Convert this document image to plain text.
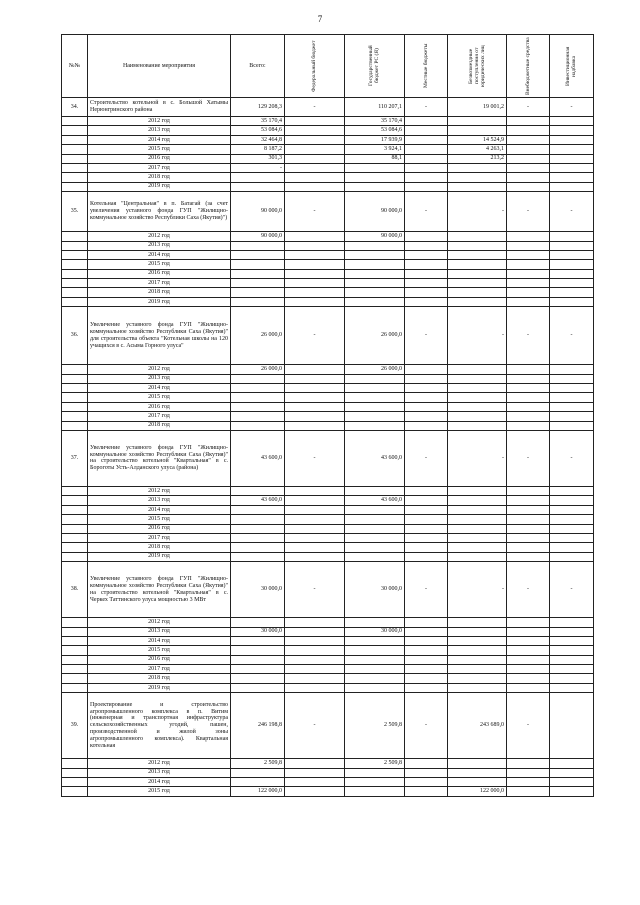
7
№№	Наименование мероприятия	Всего:	Федеральный бюджет	Государственный бюджет РС (Я)	Местные бюджеты	Безвозмездные поступления от юридических лиц	Внебюджетные средства	Инвестиционная надбавка

34.	Строительство котельной в с. Большой Хатымы Нерюнгринского района	129 208,3	-	110 207,1	-	19 001,2	-	-
	2012 год	35 170,4		35 170,4				
	2013 год	53 084,6		53 084,6				
	2014 год	32 464,8		17 939,9		14 524,9		
	2015 год	8 187,2		3 924,1		4 263,1		
	2016 год	301,3		88,1		213,2		
	2017 год	-						
	2018 год							
	2019 год							
35.	Котельная "Центральная" в п. Батагай (за счет увеличения уставного фонда ГУП "Жилищно-коммунальное хозяйство Республики Саха (Якутия)")	90 000,0	-	90 000,0	-	-	-	-
	2012 год	90 000,0		90 000,0				
	2013 год							
	2014 год							
	2015 год							
	2016 год							
	2017 год							
	2018 год							
	2019 год							
36.	Увеличение уставного фонда ГУП "Жилищно-коммунальное хозяйство Республики Саха (Якутия)" для строительства объекта "Котельная школы на 120 учащихся в с. Асыма Горного улуса"	26 000,0	-	26 000,0	-	-	-	-
	2012 год	26 000,0		26 000,0				
	2013 год							
	2014 год							
	2015 год							
	2016 год							
	2017 год							
	2018 год							
37.	Увеличение уставного фонда ГУП "Жилищно-коммунальное хозяйство Республики Саха (Якутия)" на строительство котельной "Квартальная" в с. Бороготы Усть-Алданского улуса (района)	43 600,0	-	43 600,0	-	-	-	-
	2012 год							
	2013 год	43 600,0		43 600,0				
	2014 год							
	2015 год							
	2016 год							
	2017 год							
	2018 год							
	2019 год							
38.	Увеличение уставного фонда ГУП "Жилищно-коммунальное хозяйство Республики Саха (Якутия)" на строительство котельной "Квартальная" в с. Черкех Таттинского улуса мощностью 3 МВт	30 000,0	-	30 000,0	-	-	-	-
	2012 год							
	2013 год	30 000,0		30 000,0				
	2014 год							
	2015 год							
	2016 год							
	2017 год							
	2018 год							
	2019 год							
39.	Проектирование и строительство агропромышленного комплекса в п. Витим (инженерная и транспортная инфраструктура сельскохозяйственных угодий, пашен, производственной и жилой зоны агропромышленного комплекса). Квартальная котельная	246 198,8	-	2 509,8	-	243 689,0	-	
	2012 год	2 509,8		2 509,8				
	2013 год							
	2014 год							
	2015 год	122 000,0				122 000,0		
